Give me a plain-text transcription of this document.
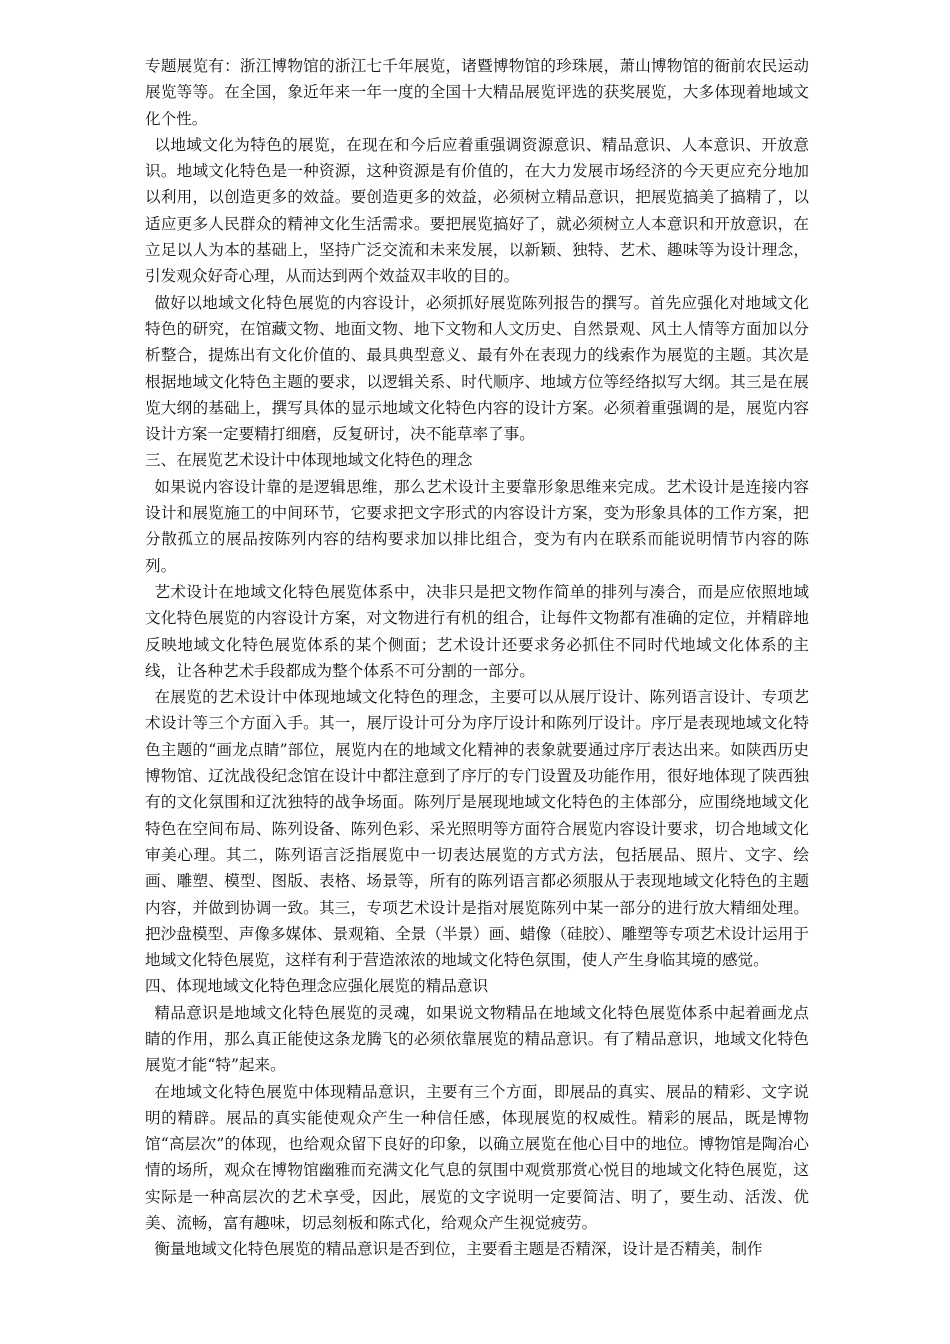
专题展览有：浙江博物馆的浙江七千年展览，诸暨博物馆的珍珠展，萧山博物馆的衙前农民运动展览等等。在全国，象近年来一年一度的全国十大精品展览评选的获奖展览，大多体现着地域文化个性。

以地域文化为特色的展览，在现在和今后应着重强调资源意识、精品意识、人本意识、开放意识。地域文化特色是一种资源，这种资源是有价值的，在大力发展市场经济的今天更应充分地加以利用，以创造更多的效益。要创造更多的效益，必须树立精品意识，把展览搞美了搞精了，以适应更多人民群众的精神文化生活需求。要把展览搞好了，就必须树立人本意识和开放意识，在立足以人为本的基础上，坚持广泛交流和未来发展，以新颖、独特、艺术、趣味等为设计理念，引发观众好奇心理，从而达到两个效益双丰收的目的。

做好以地域文化特色展览的内容设计，必须抓好展览陈列报告的撰写。首先应强化对地域文化特色的研究，在馆藏文物、地面文物、地下文物和人文历史、自然景观、风土人情等方面加以分析整合，提炼出有文化价值的、最具典型意义、最有外在表现力的线索作为展览的主题。其次是根据地域文化特色主题的要求，以逻辑关系、时代顺序、地域方位等经络拟写大纲。其三是在展览大纲的基础上，撰写具体的显示地域文化特色内容的设计方案。必须着重强调的是，展览内容设计方案一定要精打细磨，反复研讨，决不能草率了事。

三、在展览艺术设计中体现地域文化特色的理念

如果说内容设计靠的是逻辑思维，那么艺术设计主要靠形象思维来完成。艺术设计是连接内容设计和展览施工的中间环节，它要求把文字形式的内容设计方案，变为形象具体的工作方案，把分散孤立的展品按陈列内容的结构要求加以排比组合，变为有内在联系而能说明情节内容的陈列。

艺术设计在地域文化特色展览体系中，决非只是把文物作简单的排列与凑合，而是应依照地域文化特色展览的内容设计方案，对文物进行有机的组合，让每件文物都有准确的定位，并精辟地反映地域文化特色展览体系的某个侧面；艺术设计还要求务必抓住不同时代地域文化体系的主线，让各种艺术手段都成为整个体系不可分割的一部分。

在展览的艺术设计中体现地域文化特色的理念，主要可以从展厅设计、陈列语言设计、专项艺术设计等三个方面入手。其一，展厅设计可分为序厅设计和陈列厅设计。序厅是表现地域文化特色主题的“画龙点睛”部位，展览内在的地域文化精神的表象就要通过序厅表达出来。如陕西历史博物馆、辽沈战役纪念馆在设计中都注意到了序厅的专门设置及功能作用，很好地体现了陕西独有的文化氛围和辽沈独特的战争场面。陈列厅是展现地域文化特色的主体部分，应围绕地域文化特色在空间布局、陈列设备、陈列色彩、采光照明等方面符合展览内容设计要求，切合地域文化审美心理。其二，陈列语言泛指展览中一切表达展览的方式方法，包括展品、照片、文字、绘画、雕塑、模型、图版、表格、场景等，所有的陈列语言都必须服从于表现地域文化特色的主题内容，并做到协调一致。其三，专项艺术设计是指对展览陈列中某一部分的进行放大精细处理。把沙盘模型、声像多媒体、景观箱、全景（半景）画、蜡像（硅胶）、雕塑等专项艺术设计运用于地域文化特色展览，这样有利于营造浓浓的地域文化特色氛围，使人产生身临其境的感觉。

四、体现地域文化特色理念应强化展览的精品意识

精品意识是地域文化特色展览的灵魂，如果说文物精品在地域文化特色展览体系中起着画龙点睛的作用，那么真正能使这条龙腾飞的必须依靠展览的精品意识。有了精品意识，地域文化特色展览才能“特”起来。

在地域文化特色展览中体现精品意识，主要有三个方面，即展品的真实、展品的精彩、文字说明的精辟。展品的真实能使观众产生一种信任感，体现展览的权威性。精彩的展品，既是博物馆“高层次”的体现，也给观众留下良好的印象，以确立展览在他心目中的地位。博物馆是陶冶心情的场所，观众在博物馆幽雅而充满文化气息的氛围中观赏那赏心悦目的地域文化特色展览，这实际是一种高层次的艺术享受，因此，展览的文字说明一定要简洁、明了，要生动、活泼、优美、流畅，富有趣味，切忌刻板和陈式化，给观众产生视觉疲劳。

衡量地域文化特色展览的精品意识是否到位，主要看主题是否精深，设计是否精美，制作
